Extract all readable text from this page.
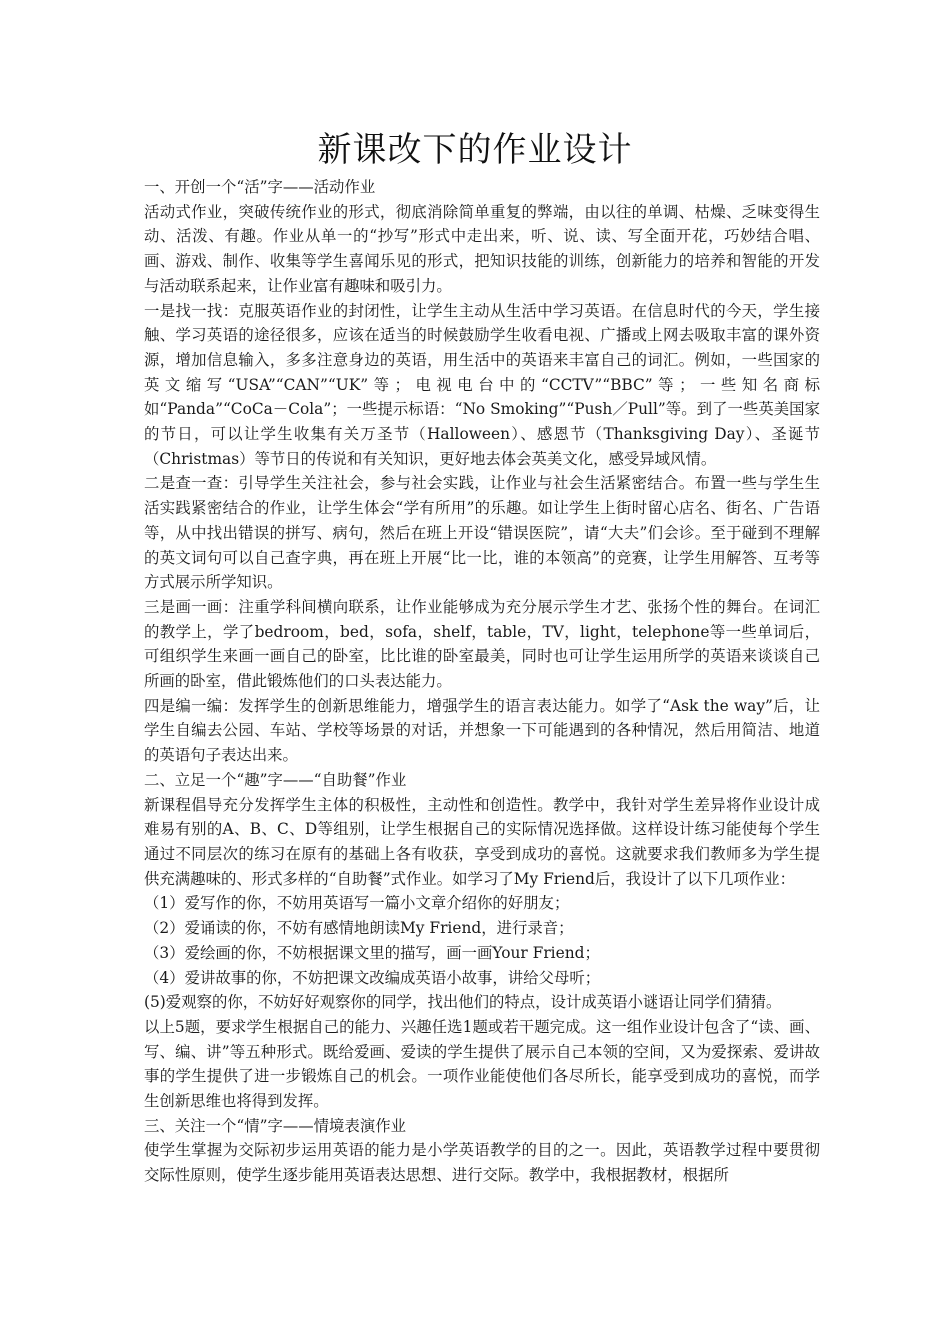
新课改下的作业设计

一、开创一个“活”字——活动作业

活动式作业，突破传统作业的形式，彻底消除简单重复的弊端，由以往的单调、枯燥、乏味变得生动、活泼、有趣。作业从单一的“抄写”形式中走出来，听、说、读、写全面开花，巧妙结合唱、画、游戏、制作、收集等学生喜闻乐见的形式，把知识技能的训练，创新能力的培养和智能的开发与活动联系起来，让作业富有趣味和吸引力。

一是找一找：克服英语作业的封闭性，让学生主动从生活中学习英语。在信息时代的今天，学生接触、学习英语的途径很多，应该在适当的时候鼓励学生收看电视、广播或上网去吸取丰富的课外资源，增加信息输入，多多注意身边的英语，用生活中的英语来丰富自己的词汇。例如，一些国家的英文缩写“USA”“CAN”“UK”等；电视电台中的“CCTV”“BBC”等；一些知名商标如“Panda”“CoCa－Cola”；一些提示标语：“No Smoking”“Push／Pull”等。到了一些英美国家的节日，可以让学生收集有关万圣节（Halloween）、感恩节（Thanksgiving Day）、圣诞节（Christmas）等节日的传说和有关知识，更好地去体会英美文化，感受异域风情。

二是查一查：引导学生关注社会，参与社会实践，让作业与社会生活紧密结合。布置一些与学生生活实践紧密结合的作业，让学生体会“学有所用”的乐趣。如让学生上街时留心店名、街名、广告语等，从中找出错误的拼写、病句，然后在班上开设“错误医院”，请“大夫”们会诊。至于碰到不理解的英文词句可以自己查字典，再在班上开展“比一比，谁的本领高”的竞赛，让学生用解答、互考等方式展示所学知识。

三是画一画：注重学科间横向联系，让作业能够成为充分展示学生才艺、张扬个性的舞台。在词汇的教学上，学了bedroom，bed，sofa，shelf，table，TV，light，telephone等一些单词后，可组织学生来画一画自己的卧室，比比谁的卧室最美，同时也可让学生运用所学的英语来谈谈自己所画的卧室，借此锻炼他们的口头表达能力。

四是编一编：发挥学生的创新思维能力，增强学生的语言表达能力。如学了“Ask the way”后，让学生自编去公园、车站、学校等场景的对话，并想象一下可能遇到的各种情况，然后用简洁、地道的英语句子表达出来。

二、立足一个“趣”字——“自助餐”作业

新课程倡导充分发挥学生主体的积极性，主动性和创造性。教学中，我针对学生差异将作业设计成难易有别的A、B、C、D等组别，让学生根据自己的实际情况选择做。这样设计练习能使每个学生通过不同层次的练习在原有的基础上各有收获，享受到成功的喜悦。这就要求我们教师多为学生提供充满趣味的、形式多样的“自助餐”式作业。如学习了My Friend后，我设计了以下几项作业：

（1）爱写作的你，不妨用英语写一篇小文章介绍你的好朋友；

（2）爱诵读的你，不妨有感情地朗读My Friend，进行录音；

（3）爱绘画的你，不妨根据课文里的描写，画一画Your Friend；

（4）爱讲故事的你，不妨把课文改编成英语小故事，讲给父母听；

(5)爱观察的你，不妨好好观察你的同学，找出他们的特点，设计成英语小谜语让同学们猜猜。

以上5题，要求学生根据自己的能力、兴趣任选1题或若干题完成。这一组作业设计包含了“读、画、写、编、讲”等五种形式。既给爱画、爱读的学生提供了展示自己本领的空间，又为爱探索、爱讲故事的学生提供了进一步锻炼自己的机会。一项作业能使他们各尽所长，能享受到成功的喜悦，而学生创新思维也将得到发挥。

三、关注一个“情”字——情境表演作业

使学生掌握为交际初步运用英语的能力是小学英语教学的目的之一。因此，英语教学过程中要贯彻交际性原则，使学生逐步能用英语表达思想、进行交际。教学中，我根据教材，根据所
